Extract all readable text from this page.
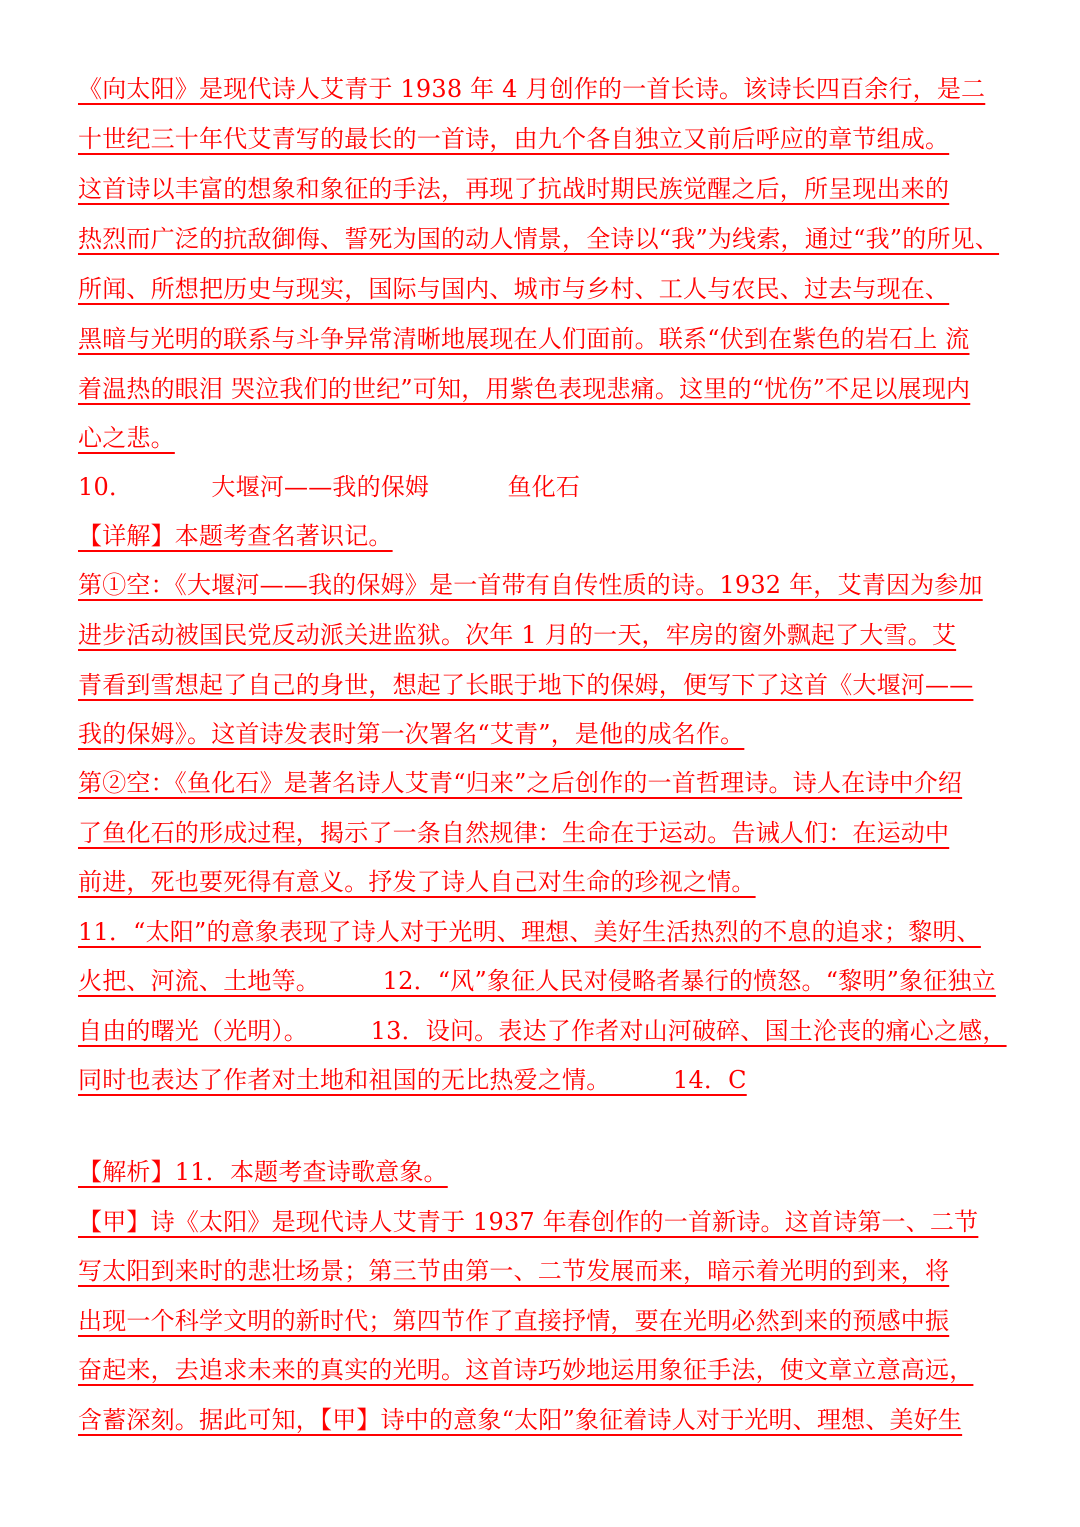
《向太阳》是现代诗人艾青于 1938 年 4 月创作的一首长诗。该诗长四百余行，是二
十世纪三十年代艾青写的最长的一首诗，由九个各自独立又前后呼应的章节组成。
这首诗以丰富的想象和象征的手法，再现了抗战时期民族觉醒之后，所呈现出来的
热烈而广泛的抗敌御侮、誓死为国的动人情景，全诗以“我”为线索，通过“我”的所见、
所闻、所想把历史与现实，国际与国内、城市与乡村、工人与农民、过去与现在、
黑暗与光明的联系与斗争异常清晰地展现在人们面前。联系“伏到在紫色的岩石上 流
着温热的眼泪 哭泣我们的世纪”可知，用紫色表现悲痛。这里的“忧伤”不足以展现内
心之悲。
10．          大堰河——我的保姆          鱼化石
【详解】本题考查名著识记。
第①空：《大堰河——我的保姆》是一首带有自传性质的诗。1932 年，艾青因为参加
进步活动被国民党反动派关进监狱。次年 1 月的一天，牢房的窗外飘起了大雪。艾
青看到雪想起了自己的身世，想起了长眠于地下的保姆，便写下了这首《大堰河——
我的保姆》。这首诗发表时第一次署名“艾青”，是他的成名作。
第②空：《鱼化石》是著名诗人艾青“归来”之后创作的一首哲理诗。诗人在诗中介绍
了鱼化石的形成过程，揭示了一条自然规律：生命在于运动。告诫人们：在运动中
前进，死也要死得有意义。抒发了诗人自己对生命的珍视之情。
11．“太阳”的意象表现了诗人对于光明、理想、美好生活热烈的不息的追求；黎明、
火把、河流、土地等。        12．“风”象征人民对侵略者暴行的愤怒。“黎明”象征独立
自由的曙光（光明）。        13．设问。表达了作者对山河破碎、国土沦丧的痛心之感，
同时也表达了作者对土地和祖国的无比热爱之情。        14．C
【解析】11．本题考查诗歌意象。
【甲】诗《太阳》是现代诗人艾青于 1937 年春创作的一首新诗。这首诗第一、二节
写太阳到来时的悲壮场景；第三节由第一、二节发展而来，暗示着光明的到来，将
出现一个科学文明的新时代；第四节作了直接抒情，要在光明必然到来的预感中振
奋起来，去追求未来的真实的光明。这首诗巧妙地运用象征手法，使文章立意高远，
含蓄深刻。据此可知，【甲】诗中的意象“太阳”象征着诗人对于光明、理想、美好生
